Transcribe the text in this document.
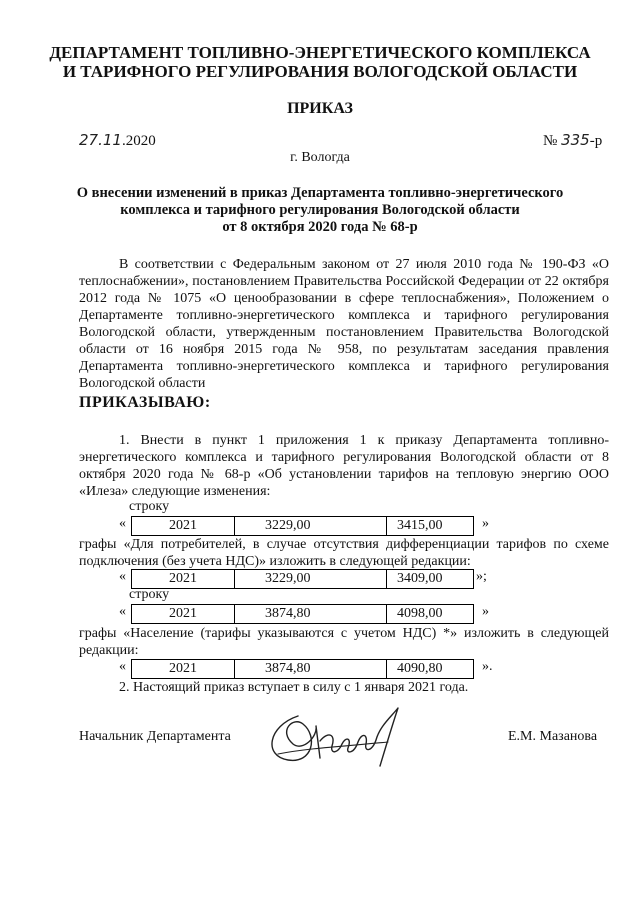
ДЕПАРТАМЕНТ ТОПЛИВНО-ЭНЕРГЕТИЧЕСКОГО КОМПЛЕКСА
И ТАРИФНОГО РЕГУЛИРОВАНИЯ ВОЛОГОДСКОЙ ОБЛАСТИ
ПРИКАЗ
27.11.2020	№ 335-р
г. Вологда
О внесении изменений в приказ Департамента топливно-энергетического
комплекса и тарифного регулирования Вологодской области
от 8 октября 2020 года № 68-р
В соответствии с Федеральным законом от 27 июля 2010 года № 190-ФЗ «О теплоснабжении», постановлением Правительства Российской Федерации от 22 октября 2012 года № 1075 «О ценообразовании в сфере теплоснабжения», Положением о Департаменте топливно-энергетического комплекса и тарифного регулирования Вологодской области, утвержденным постановлением Правительства Вологодской области от 16 ноября 2015 года № 958, по результатам заседания правления Департамента топливно-энергетического комплекса и тарифного регулирования Вологодской области
ПРИКАЗЫВАЮ:
1. Внести в пункт 1 приложения 1 к приказу Департамента топливно-энергетического комплекса и тарифного регулирования Вологодской области от 8 октября 2020 года № 68-р «Об установлении тарифов на тепловую энергию ООО «Илеза» следующие изменения:
строку
«	2021	3229,00	3415,00	»
графы «Для потребителей, в случае отсутствия дифференциации тарифов по схеме подключения (без учета НДС)» изложить в следующей редакции:
«	2021	3229,00	3409,00	»;
строку
«	2021	3874,80	4098,00	»
графы «Население (тарифы указываются с учетом НДС) *» изложить в следующей редакции:
«	2021	3874,80	4090,80	».
2. Настоящий приказ вступает в силу с 1 января 2021 года.
Начальник Департамента	Е.М. Мазанова
